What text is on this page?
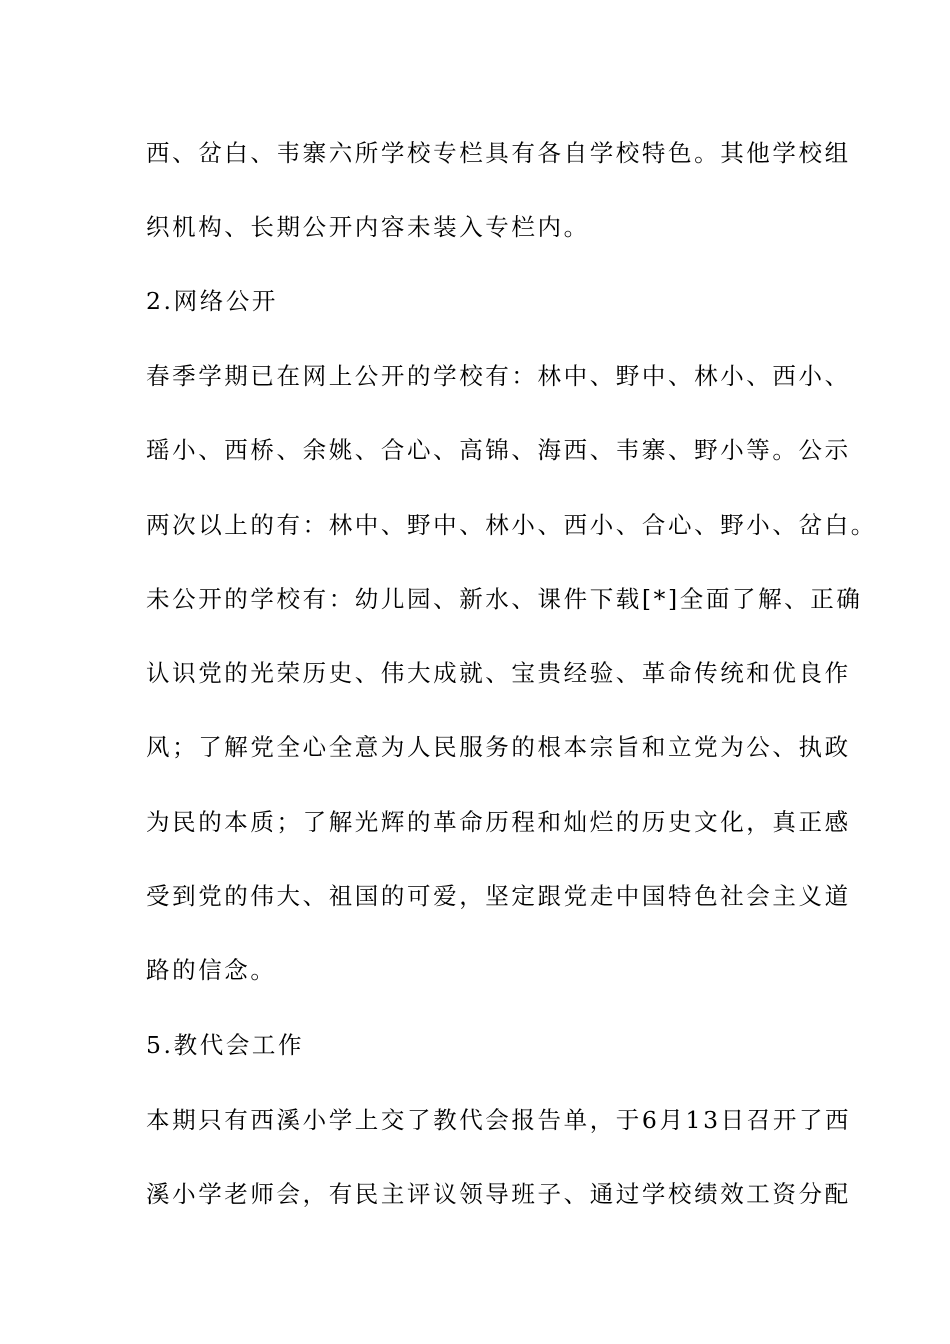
西、岔白、韦寨六所学校专栏具有各自学校特色。其他学校组
织机构、长期公开内容未装入专栏内。
2.网络公开
春季学期已在网上公开的学校有：林中、野中、林小、西小、
瑶小、西桥、余姚、合心、高锦、海西、韦寨、野小等。公示
两次以上的有：林中、野中、林小、西小、合心、野小、岔白。
未公开的学校有：幼儿园、新水、课件下载[*]全面了解、正确
认识党的光荣历史、伟大成就、宝贵经验、革命传统和优良作
风；了解党全心全意为人民服务的根本宗旨和立党为公、执政
为民的本质；了解光辉的革命历程和灿烂的历史文化，真正感
受到党的伟大、祖国的可爱，坚定跟党走中国特色社会主义道
路的信念。
5.教代会工作
本期只有西溪小学上交了教代会报告单，于6月13日召开了西
溪小学老师会，有民主评议领导班子、通过学校绩效工资分配
